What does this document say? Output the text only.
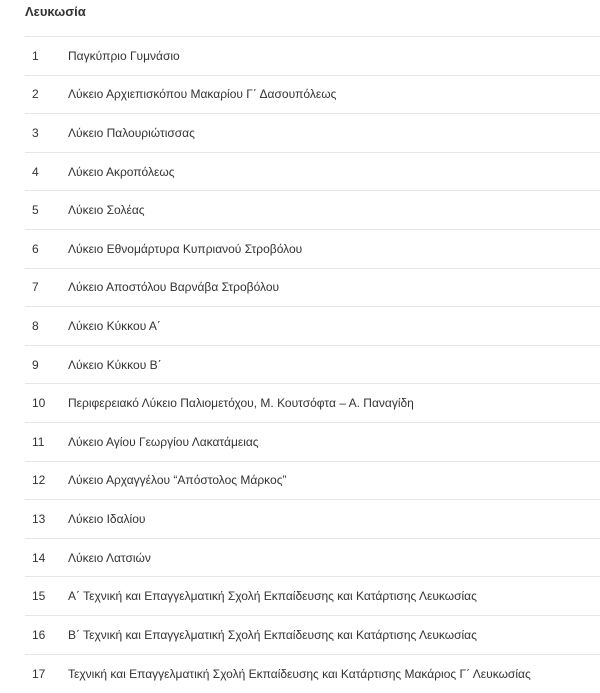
Λευκωσία
1	Παγκύπριο Γυμνάσιο
2	Λύκειο Αρχιεπισκόπου Μακαρίου Γ΄ Δασουπόλεως
3	Λύκειο Παλουριώτισσας
4	Λύκειο Ακροπόλεως
5	Λύκειο Σολέας
6	Λύκειο Εθνομάρτυρα Κυπριανού Στροβόλου
7	Λύκειο Αποστόλου Βαρνάβα Στροβόλου
8	Λύκειο Κύκκου Α΄
9	Λύκειο Κύκκου Β΄
10	Περιφερειακό Λύκειο Παλιομετόχου, Μ. Κουτσόφτα – Α. Παναγίδη
11	Λύκειο Αγίου Γεωργίου Λακατάμειας
12	Λύκειο Αρχαγγέλου “Απόστολος Μάρκος”
13	Λύκειο Ιδαλίου
14	Λύκειο Λατσιών
15	Α΄ Τεχνική και Επαγγελματική Σχολή Εκπαίδευσης και Κατάρτισης Λευκωσίας
16	Β΄ Τεχνική και Επαγγελματική Σχολή Εκπαίδευσης και Κατάρτισης Λευκωσίας
17	Τεχνική και Επαγγελματική Σχολή Εκπαίδευσης και Κατάρτισης Μακάριος Γ΄ Λευκωσίας
